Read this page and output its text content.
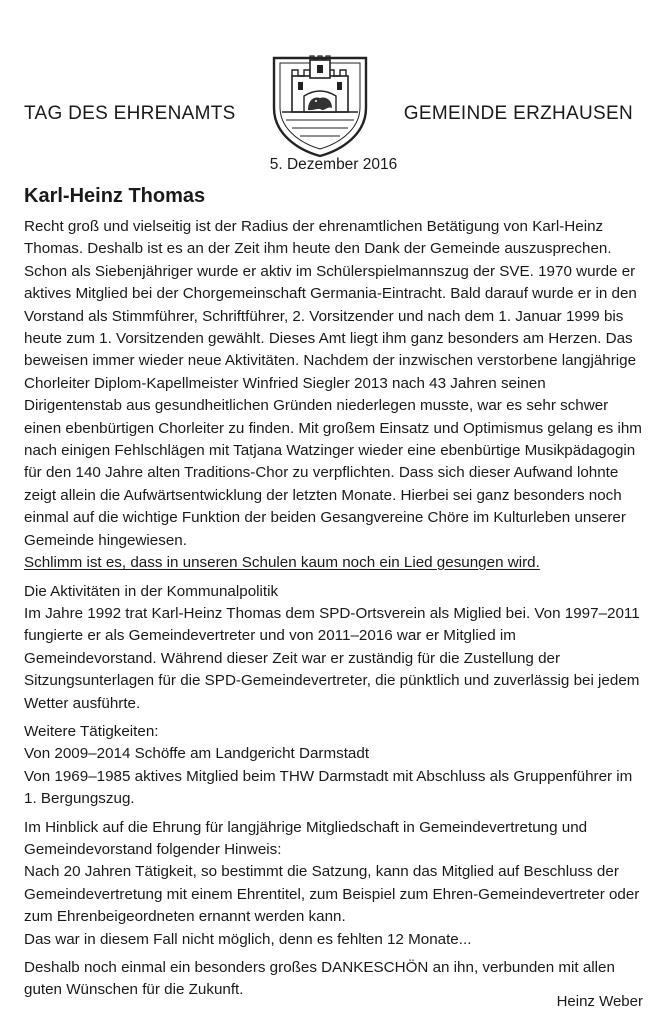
TAG DES EHRENAMTS	GEMEINDE ERZHAUSEN
5. Dezember 2016
Karl-Heinz Thomas

Recht groß und vielseitig ist der Radius der ehrenamtlichen Betätigung von Karl-Heinz Thomas. Deshalb ist es an der Zeit ihm heute den Dank der Gemeinde auszusprechen. Schon als Siebenjähriger wurde er aktiv im Schülerspielmannszug der SVE. 1970 wurde er aktives Mitglied bei der Chorgemeinschaft Germania-Eintracht. Bald darauf wurde er in den Vorstand als Stimmführer, Schriftführer, 2. Vorsitzender und nach dem 1. Januar 1999 bis heute zum 1. Vorsitzenden gewählt. Dieses Amt liegt ihm ganz besonders am Herzen. Das beweisen immer wieder neue Aktivitäten. Nachdem der inzwischen verstorbene langjährige Chorleiter Diplom-Kapellmeister Winfried Siegler 2013 nach 43 Jahren seinen Dirigentenstab aus gesundheitlichen Gründen niederlegen musste, war es sehr schwer einen ebenbürtigen Chorleiter zu finden. Mit großem Einsatz und Optimismus gelang es ihm nach einigen Fehlschlägen mit Tatjana Watzinger wieder eine ebenbürtige Musikpädagogin für den 140 Jahre alten Traditions-Chor zu verpflichten. Dass sich dieser Aufwand lohnte zeigt allein die Aufwärtsentwicklung der letzten Monate. Hierbei sei ganz besonders noch einmal auf die wichtige Funktion der beiden Gesangvereine Chöre im Kulturleben unserer Gemeinde hingewiesen.

Schlimm ist es, dass in unseren Schulen kaum noch ein Lied gesungen wird.

Die Aktivitäten in der Kommunalpolitik

Im Jahre 1992 trat Karl-Heinz Thomas dem SPD-Ortsverein als Miglied bei. Von 1997–2011 fungierte er als Gemeindevertreter und von 2011–2016 war er Mitglied im Gemeindevorstand. Während dieser Zeit war er zuständig für die Zustellung der Sitzungsunterlagen für die SPD-Gemeindevertreter, die pünktlich und zuverlässig bei jedem Wetter ausführte.

Weitere Tätigkeiten:

Von 2009–2014 Schöffe am Landgericht Darmstadt

Von 1969–1985 aktives Mitglied beim THW Darmstadt mit Abschluss als Gruppenführer im 1. Bergungszug.

Im Hinblick auf die Ehrung für langjährige Mitgliedschaft in Gemeindevertretung und Gemeindevorstand folgender Hinweis:

Nach 20 Jahren Tätigkeit, so bestimmt die Satzung, kann das Mitglied auf Beschluss der Gemeindevertretung mit einem Ehrentitel, zum Beispiel zum Ehren-Gemeindevertreter oder zum Ehrenbeigeordneten ernannt werden kann.

Das war in diesem Fall nicht möglich, denn es fehlten 12 Monate...

Deshalb noch einmal ein besonders großes DANKESCHÖN an ihn, verbunden mit allen guten Wünschen für die Zukunft.

Heinz Weber
